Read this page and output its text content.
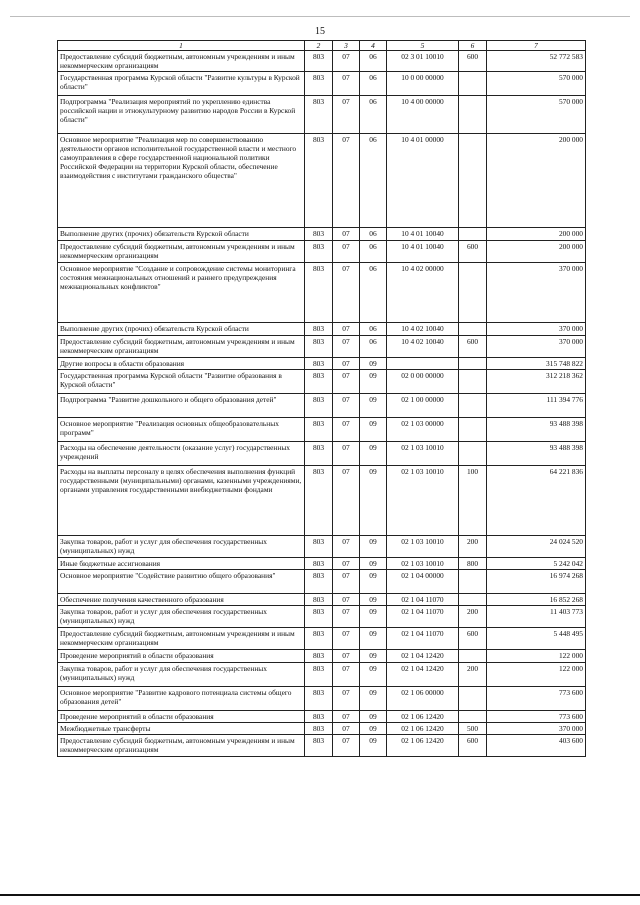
15
1	2	3	4	5	6	7
Предоставление субсидий бюджетным, автономным учреждениям и иным некоммерческим организациям	803	07	06	02 3 01 10010	600	52 772 583
Государственная программа Курской области "Развитие культуры в Курской области"	803	07	06	10 0 00 00000		570 000
Подпрограмма "Реализация мероприятий по укреплению единства российской нации и этнокультурному развитию народов России в Курской области"	803	07	06	10 4 00 00000		570 000
Основное мероприятие "Реализация мер по совершенствованию деятельности органов исполнительной государственной власти и местного самоуправления в сфере государственной национальной политики Российской Федерации на территории Курской области, обеспечение взаимодействия с институтами гражданского общества"	803	07	06	10 4 01 00000		200 000
Выполнение других (прочих) обязательств Курской области	803	07	06	10 4 01 10040		200 000
Предоставление субсидий бюджетным, автономным учреждениям и иным некоммерческим организациям	803	07	06	10 4 01 10040	600	200 000
Основное мероприятие "Создание и сопровождение системы мониторинга состояния межнациональных отношений и раннего предупреждения межнациональных конфликтов"	803	07	06	10 4 02 00000		370 000
Выполнение других (прочих) обязательств Курской области	803	07	06	10 4 02 10040		370 000
Предоставление субсидий бюджетным, автономным учреждениям и иным некоммерческим организациям	803	07	06	10 4 02 10040	600	370 000
Другие вопросы в области образования	803	07	09			315 748 822
Государственная программа Курской области "Развитие образования в Курской области"	803	07	09	02 0 00 00000		312 218 362
Подпрограмма "Развитие дошкольного и общего образования детей"	803	07	09	02 1 00 00000		111 394 776
Основное мероприятие "Реализация основных общеобразовательных программ"	803	07	09	02 1 03 00000		93 488 398
Расходы на обеспечение деятельности (оказание услуг) государственных учреждений	803	07	09	02 1 03 10010		93 488 398
Расходы на выплаты персоналу в целях обеспечения выполнения функций государственными (муниципальными) органами, казенными учреждениями, органами управления государственными внебюджетными фондами	803	07	09	02 1 03 10010	100	64 221 836
Закупка товаров, работ и услуг для обеспечения государственных (муниципальных) нужд	803	07	09	02 1 03 10010	200	24 024 520
Иные бюджетные ассигнования	803	07	09	02 1 03 10010	800	5 242 042
Основное мероприятие "Содействие развитию общего образования"	803	07	09	02 1 04 00000		16 974 268
Обеспечение получения качественного образования	803	07	09	02 1 04 11070		16 852 268
Закупка товаров, работ и услуг для обеспечения государственных (муниципальных) нужд	803	07	09	02 1 04 11070	200	11 403 773
Предоставление субсидий бюджетным, автономным учреждениям и иным некоммерческим организациям	803	07	09	02 1 04 11070	600	5 448 495
Проведение мероприятий в области образования	803	07	09	02 1 04 12420		122 000
Закупка товаров, работ и услуг для обеспечения государственных (муниципальных) нужд	803	07	09	02 1 04 12420	200	122 000
Основное мероприятие "Развитие кадрового потенциала системы общего образования детей"	803	07	09	02 1 06 00000		773 600
Проведение мероприятий в области образования	803	07	09	02 1 06 12420		773 600
Межбюджетные трансферты	803	07	09	02 1 06 12420	500	370 000
Предоставление субсидий бюджетным, автономным учреждениям и иным некоммерческим организациям	803	07	09	02 1 06 12420	600	403 600
